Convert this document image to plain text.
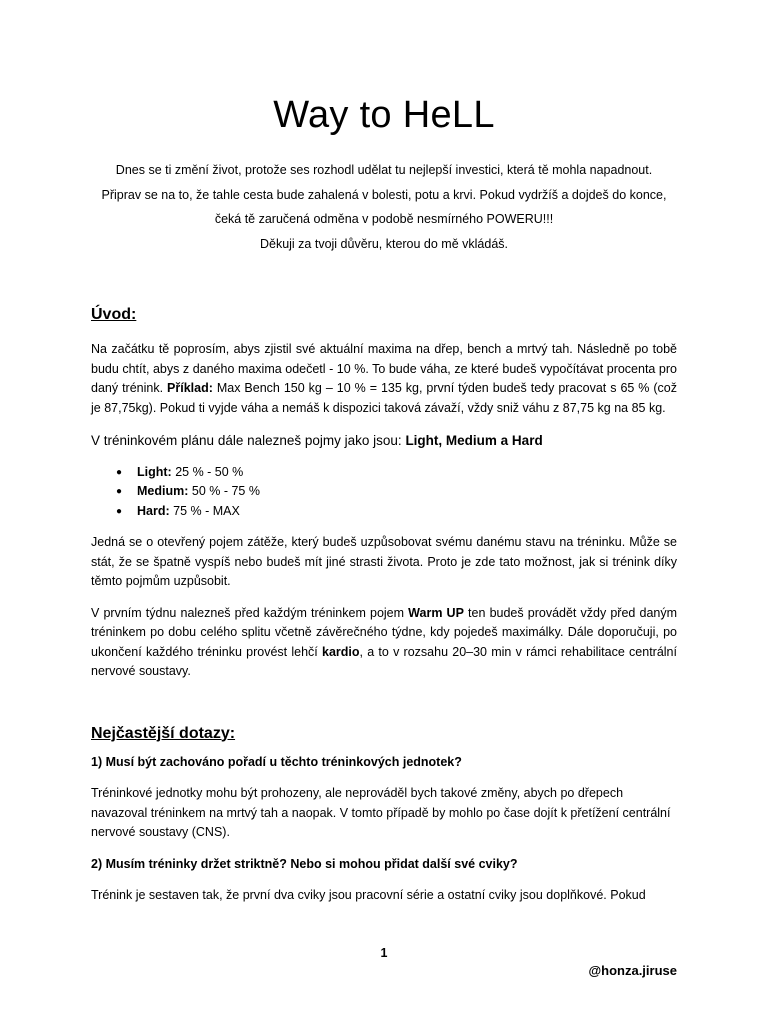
Way to HeLL

Dnes se ti změní život, protože ses rozhodl udělat tu nejlepší investici, která tě mohla napadnout.

Připrav se na to, že tahle cesta bude zahalená v bolesti, potu a krvi. Pokud vydržíš a dojdeš do konce,

čeká tě zaručená odměna v podobě nesmírného POWERU!!!

Děkuji za tvoji důvěru, kterou do mě vkládáš.

Úvod:

Na začátku tě poprosím, abys zjistil své aktuální maxima na dřep, bench a mrtvý tah. Následně po tobě budu chtít, abys z daného maxima odečetl - 10 %. To bude váha, ze které budeš vypočítávat procenta pro daný trénink. Příklad: Max Bench 150 kg – 10 % = 135 kg, první týden budeš tedy pracovat s 65 % (což je 87,75kg). Pokud ti vyjde váha a nemáš k dispozici taková závaží, vždy sniž váhu z 87,75 kg na 85 kg.

V tréninkovém plánu dále nalezneš pojmy jako jsou: Light, Medium a Hard

● Light: 25 % - 50 %
● Medium: 50 % - 75 %
● Hard: 75 % - MAX

Jedná se o otevřený pojem zátěže, který budeš uzpůsobovat svému danému stavu na tréninku. Může se stát, že se špatně vyspíš nebo budeš mít jiné strasti života. Proto je zde tato možnost, jak si trénink díky těmto pojmům uzpůsobit.

V prvním týdnu nalezneš před každým tréninkem pojem Warm UP ten budeš provádět vždy před daným tréninkem po dobu celého splitu včetně závěrečného týdne, kdy pojedeš maximálky. Dále doporučuji, po ukončení každého tréninku provést lehčí kardio, a to v rozsahu 20–30 min v rámci rehabilitace centrální nervové soustavy.

Nejčastější dotazy:

1) Musí být zachováno pořadí u těchto tréninkových jednotek?

Tréninkové jednotky mohu být prohozeny, ale neprováděl bych takové změny, abych po dřepech navazoval tréninkem na mrtvý tah a naopak. V tomto případě by mohlo po čase dojít k přetížení centrální nervové soustavy (CNS).

2) Musím tréninky držet striktně? Nebo si mohou přidat další své cviky?

Trénink je sestaven tak, že první dva cviky jsou pracovní série a ostatní cviky jsou doplňkové. Pokud

1
@honza.jiruse
